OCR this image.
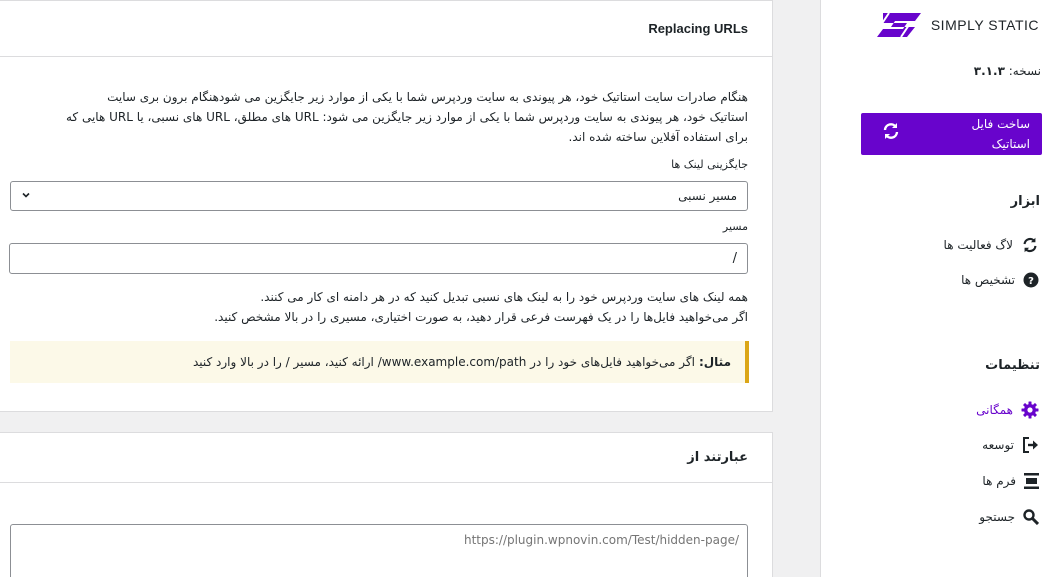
Replacing URLs
هنگام صادرات سایت استاتیک خود، هر پیوندی به سایت وردپرس شما با یکی از موارد زیر جایگزین می شودهنگام برون بری سایت
استاتیک خود، هر پیوندی به سایت وردپرس شما با یکی از موارد زیر جایگزین می شود: URL های مطلق، URL های نسبی، یا URL هایی که
برای استفاده آفلاین ساخته شده اند.
جایگزینی لینک ها
مسیر نسبی
مسیر
/
همه لینک های سایت وردپرس خود را به لینک های نسبی تبدیل کنید که در هر دامنه ای کار می کنند.
اگر می‌خواهید فایل‌ها را در یک فهرست فرعی قرار دهید، به صورت اختیاری، مسیری را در بالا مشخص کنید.
مثال:
اگر می‌خواهید فایل‌های خود را در www.example.com/path/ ارائه کنید، مسیر / را در بالا وارد کنید
عبارتند از
https://plugin.wpnovin.com/Test/hidden-page/
SIMPLY STATIC
نسخه: ۳.۱.۳
ساخت فایل
استاتیک
ابزار
لاگ فعالیت ها
?
تشخیص ها
تنظیمات
همگانی
توسعه
فرم ها
جستجو
